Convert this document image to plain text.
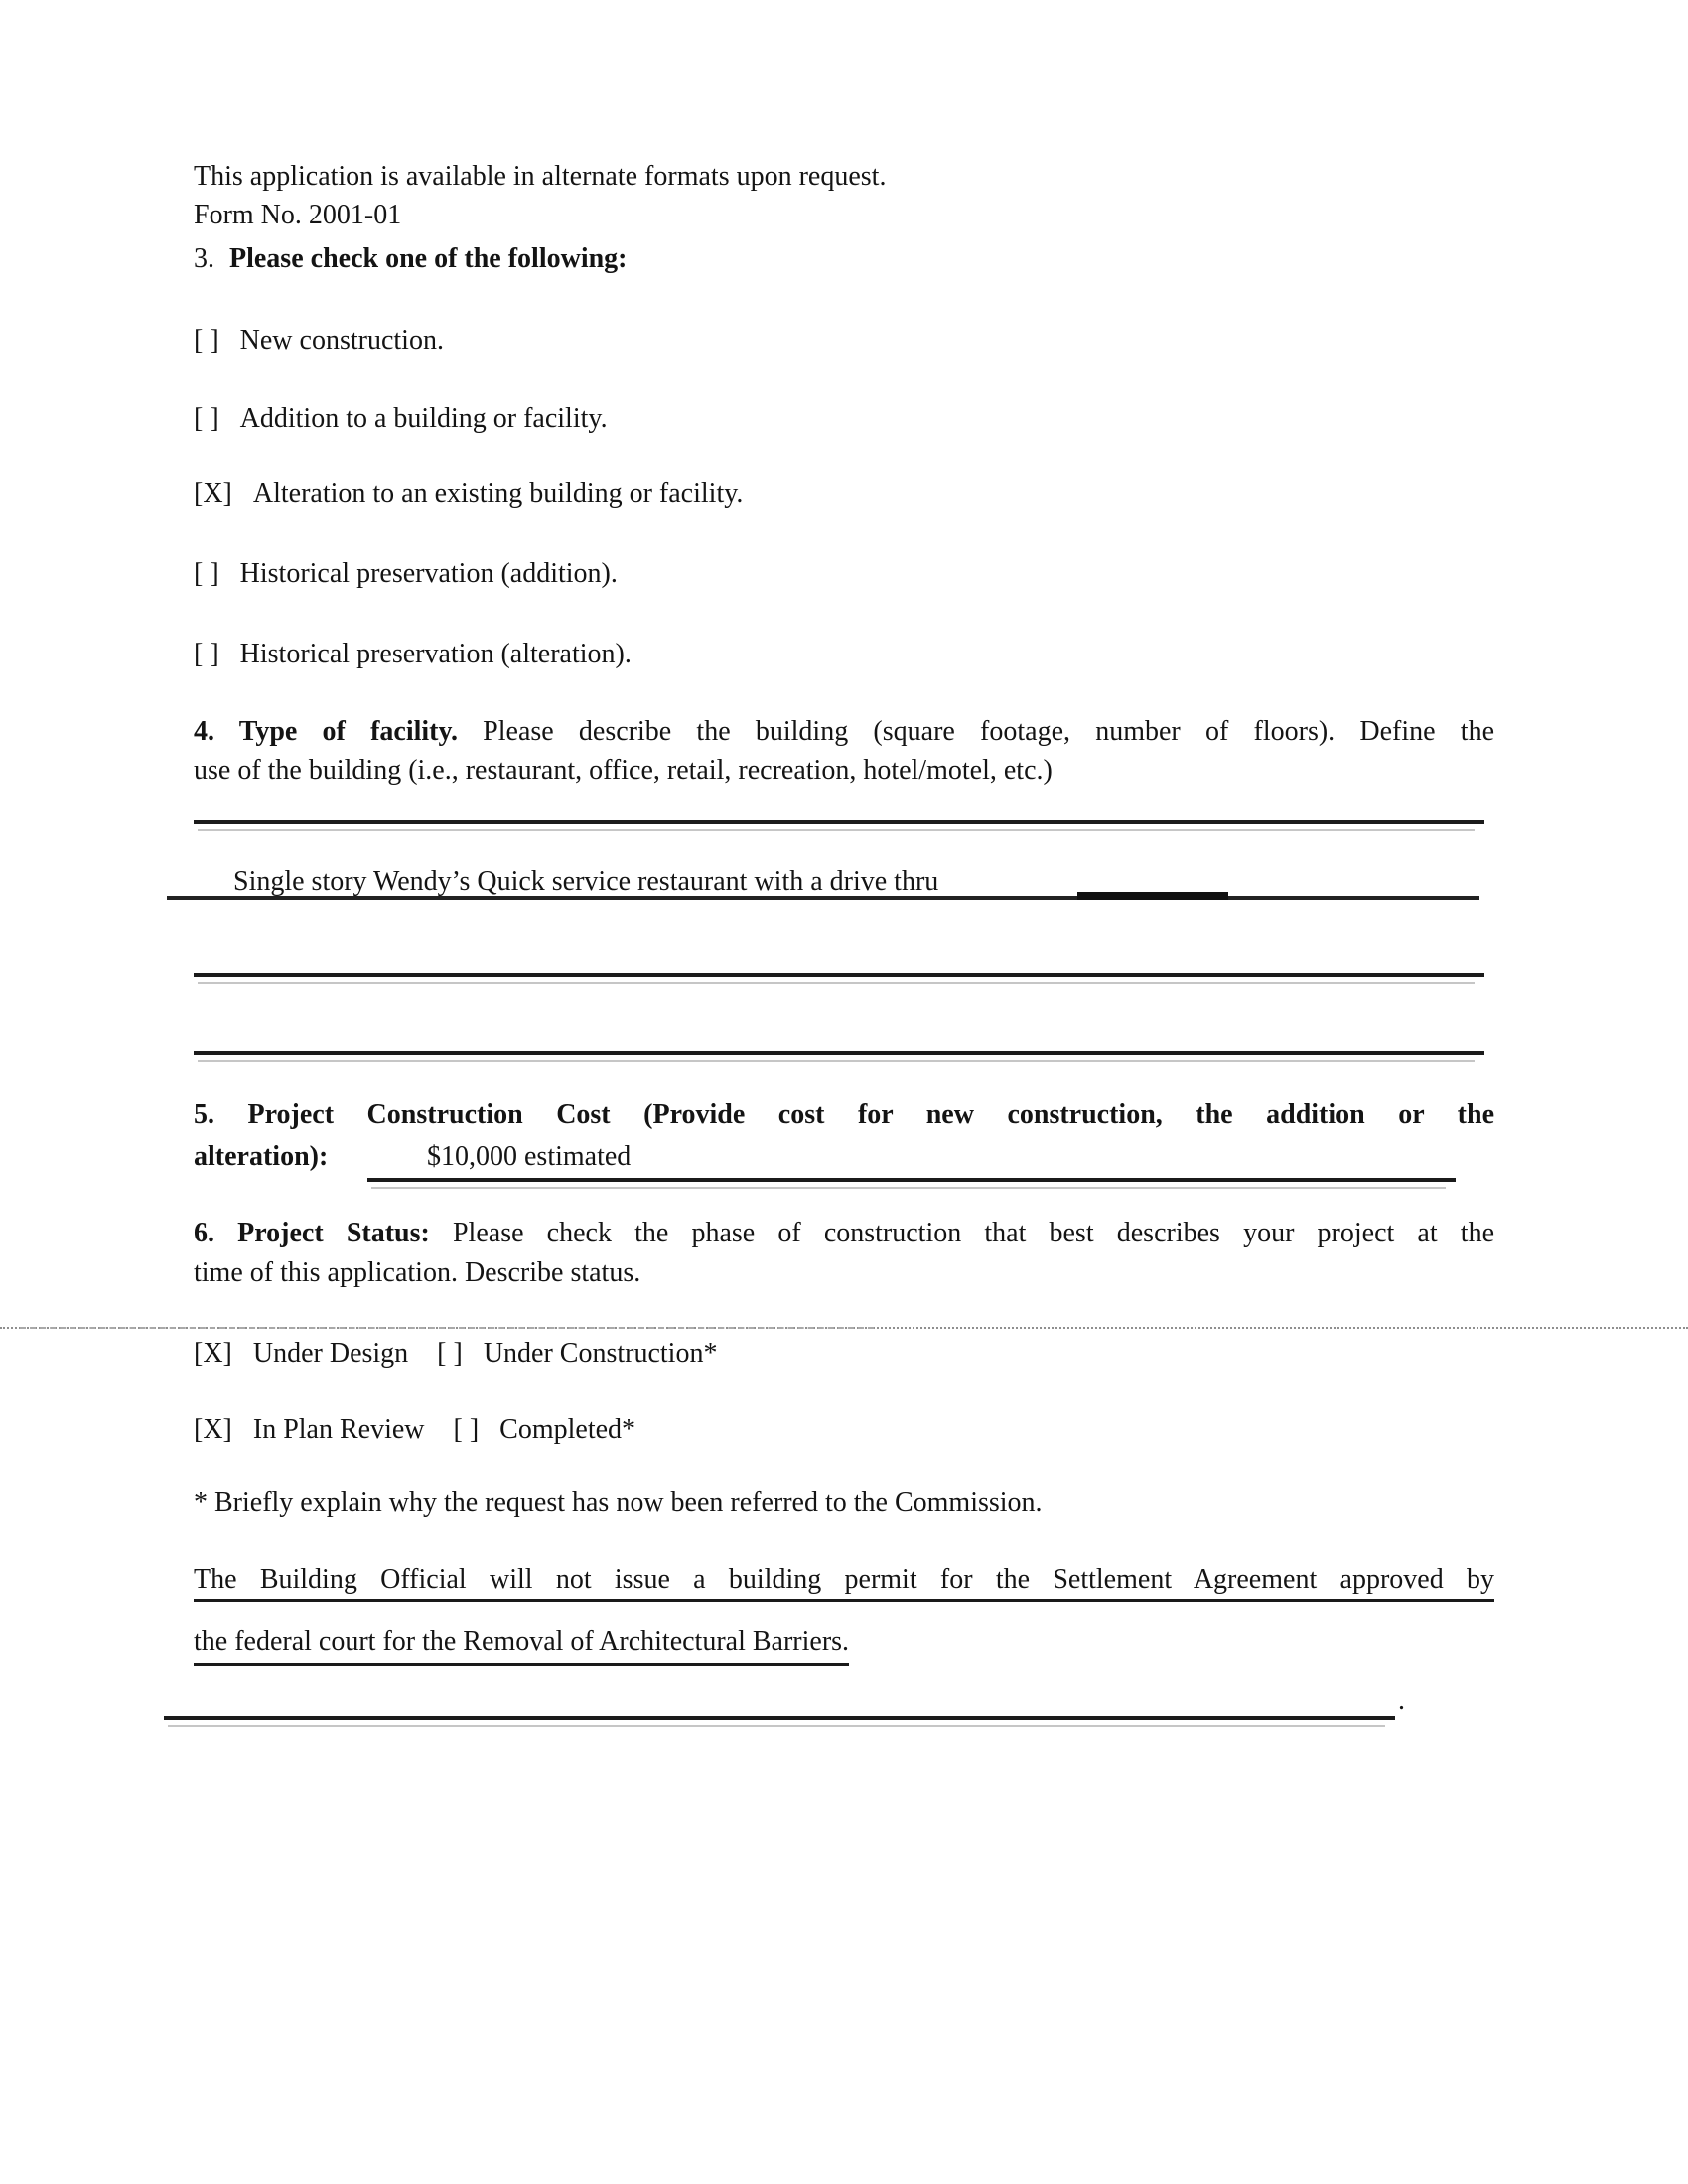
This application is available in alternate formats upon request.
Form No. 2001-01
3. Please check one of the following:
[ ] New construction.
[ ] Addition to a building or facility.
[X] Alteration to an existing building or facility.
[ ] Historical preservation (addition).
[ ] Historical preservation (alteration).
4. Type of facility. Please describe the building (square footage, number of floors). Define the
use of the building (i.e., restaurant, office, retail, recreation, hotel/motel, etc.)
Single story Wendy’s Quick service restaurant with a drive thru
5. Project Construction Cost (Provide cost for new construction, the addition or the
alteration):	$10,000 estimated
6. Project Status: Please check the phase of construction that best describes your project at the
time of this application. Describe status.
[X] Under Design [ ] Under Construction*
[X] In Plan Review [ ] Completed*
* Briefly explain why the request has now been referred to the Commission.
The Building Official will not issue a building permit for the Settlement Agreement approved by
the federal court for the Removal of Architectural Barriers.
.
